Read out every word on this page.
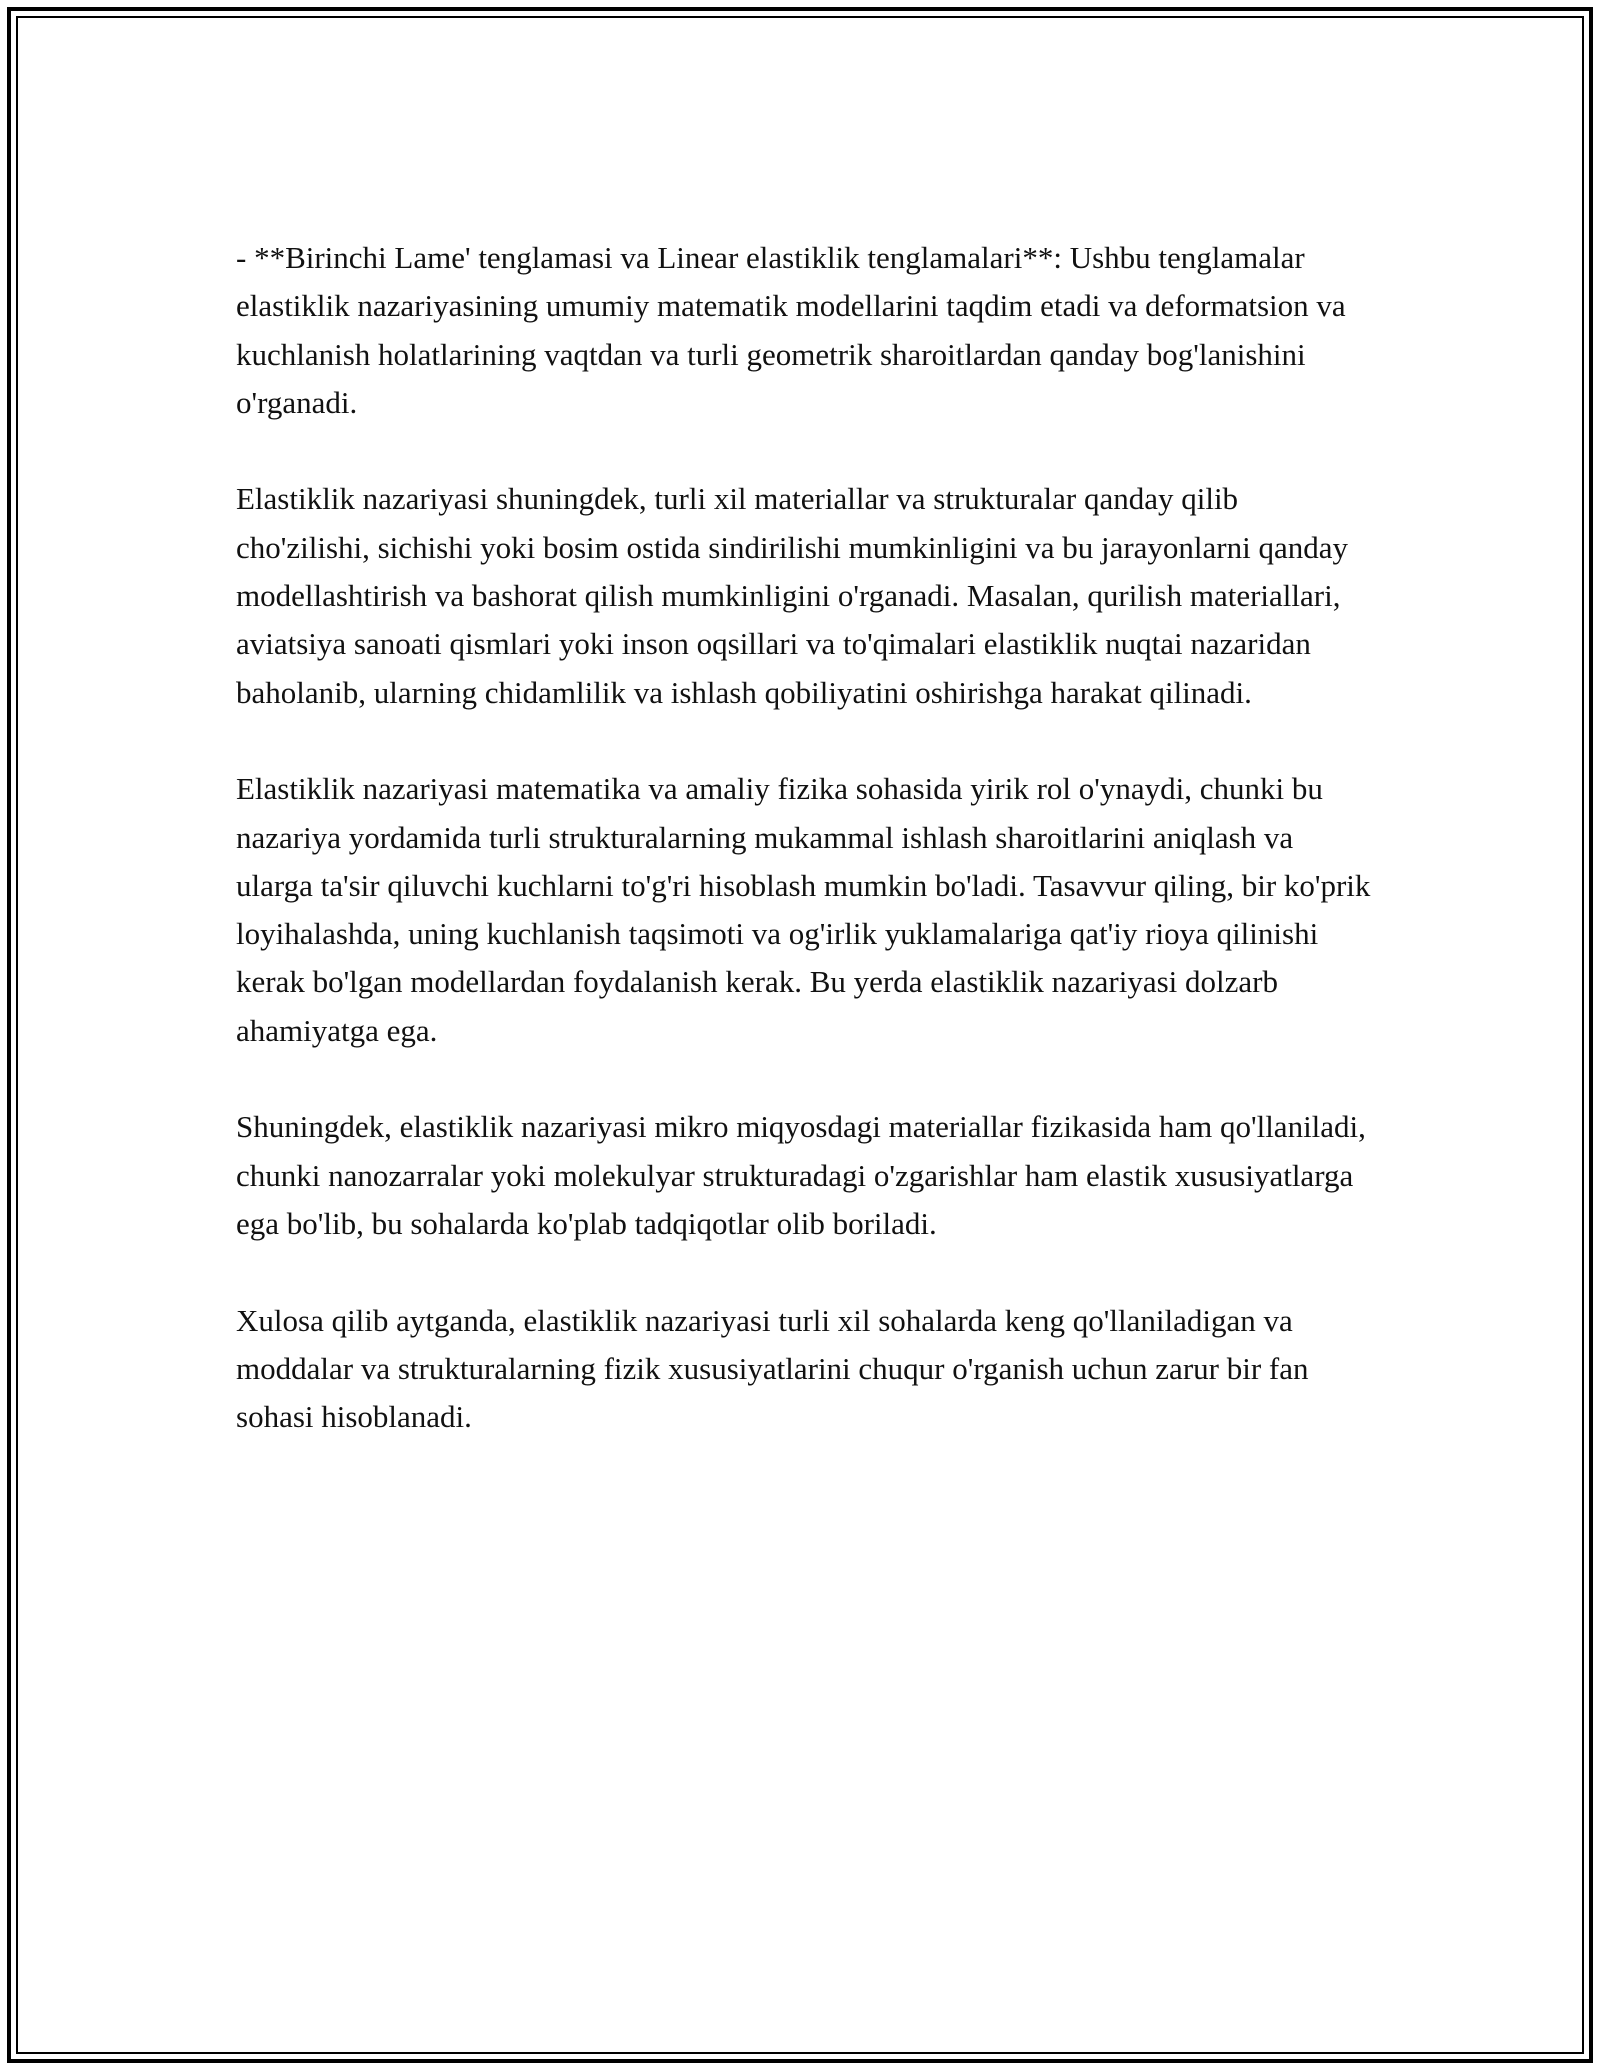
- **Birinchi Lame' tenglamasi va Linear elastiklik tenglamalari**: Ushbu tenglamalar elastiklik nazariyasining umumiy matematik modellarini taqdim etadi va deformatsion va kuchlanish holatlarining vaqtdan va turli geometrik sharoitlardan qanday bog'lanishini o'rganadi.

Elastiklik nazariyasi shuningdek, turli xil materiallar va strukturalar qanday qilib cho'zilishi, sichishi yoki bosim ostida sindirilishi mumkinligini va bu jarayonlarni qanday modellashtirish va bashorat qilish mumkinligini o'rganadi. Masalan, qurilish materiallari, aviatsiya sanoati qismlari yoki inson oqsillari va to'qimalari elastiklik nuqtai nazaridan baholanib, ularning chidamlilik va ishlash qobiliyatini oshirishga harakat qilinadi.

Elastiklik nazariyasi matematika va amaliy fizika sohasida yirik rol o'ynaydi, chunki bu nazariya yordamida turli strukturalarning mukammal ishlash sharoitlarini aniqlash va ularga ta'sir qiluvchi kuchlarni to'g'ri hisoblash mumkin bo'ladi. Tasavvur qiling, bir ko'prik loyihalashda, uning kuchlanish taqsimoti va og'irlik yuklamalariga qat'iy rioya qilinishi kerak bo'lgan modellardan foydalanish kerak. Bu yerda elastiklik nazariyasi dolzarb ahamiyatga ega.

Shuningdek, elastiklik nazariyasi mikro miqyosdagi materiallar fizikasida ham qo'llaniladi, chunki nanozarralar yoki molekulyar strukturadagi o'zgarishlar ham elastik xususiyatlarga ega bo'lib, bu sohalarda ko'plab tadqiqotlar olib boriladi.

Xulosa qilib aytganda, elastiklik nazariyasi turli xil sohalarda keng qo'llaniladigan va moddalar va strukturalarning fizik xususiyatlarini chuqur o'rganish uchun zarur bir fan sohasi hisoblanadi.
